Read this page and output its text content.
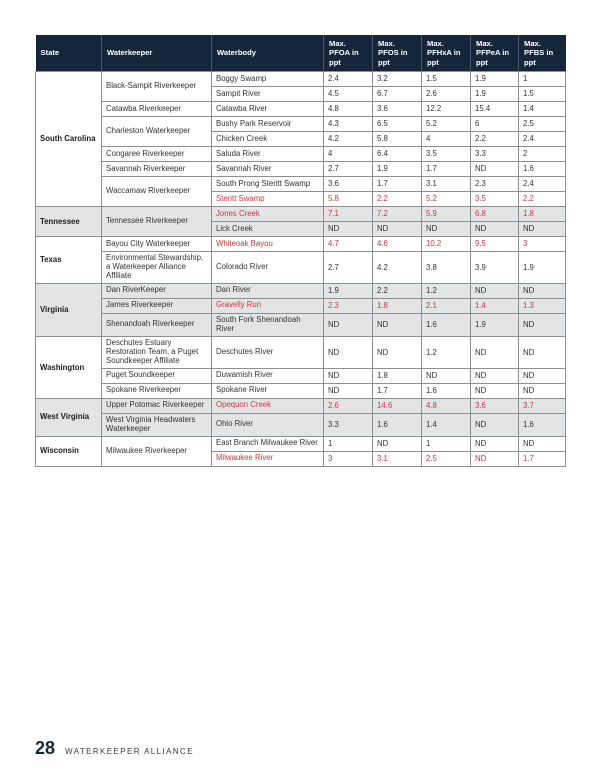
State	Waterkeeper	Waterbody	Max. PFOA in ppt	Max. PFOS in ppt	Max. PFHxA in ppt	Max. PFPeA in ppt	Max. PFBS in ppt
South Carolina	Black-Sampit Riverkeeper	Boggy Swamp	2.4	3.2	1.5	1.9	1
		Sampit River	4.5	6.7	2.6	1.9	1.5
	Catawba Riverkeeper	Catawba River	4.8	3.6	12.2	15.4	1.4
	Charleston Waterkeeper	Bushy Park Reservoir	4.3	6.5	5.2	6	2.5
		Chicken Creek	4.2	5.8	4	2.2	2.4
	Congaree Riverkeeper	Saluda River	4	6.4	3.5	3.3	2
	Savannah Riverkeeper	Savannah River	2.7	1.9	1.7	ND	1.6
	Waccamaw Riverkeeper	South Prong Steritt Swamp	3.6	1.7	3.1	2.3	2.4
		Steritt Swamp	5.8	2.2	5.2	3.5	2.2
Tennessee	Tennessee Riverkeeper	Jones Creek	7.1	7.2	5.9	6.8	1.8
		Lick Creek	ND	ND	ND	ND	ND
Texas	Bayou City Waterkeeper	Whiteoak Bayou	4.7	4.6	10.2	9.5	3
	Environmental Stewardship, a Waterkeeper Alliance Affiliate	Colorado River	2.7	4.2	3.8	3.9	1.9
Virginia	Dan RiverKeeper	Dan River	1.9	2.2	1.2	ND	ND
	James Riverkeeper	Gravelly Run	2.3	1.8	2.1	1.4	1.3
	Shenandoah Riverkeeper	South Fork Shenandoah River	ND	ND	1.6	1.9	ND
Washington	Deschutes Estuary Restoration Team, a Puget Soundkeeper Affiliate	Deschutes River	ND	ND	1.2	ND	ND
	Puget Soundkeeper	Duwamish River	ND	1.8	ND	ND	ND
	Spokane Riverkeeper	Spokane River	ND	1.7	1.6	ND	ND
West Virginia	Upper Potomac Riverkeeper	Opequon Creek	2.6	14.6	4.8	3.6	3.7
	West Virginia Headwaters Waterkeeper	Ohio River	3.3	1.6	1.4	ND	1.6
Wisconsin	Milwaukee Riverkeeper	East Branch Milwaukee River	1	ND	1	ND	ND
		Milwaukee River	3	3.1	2.5	ND	1.7
28 WATERKEEPER ALLIANCE
